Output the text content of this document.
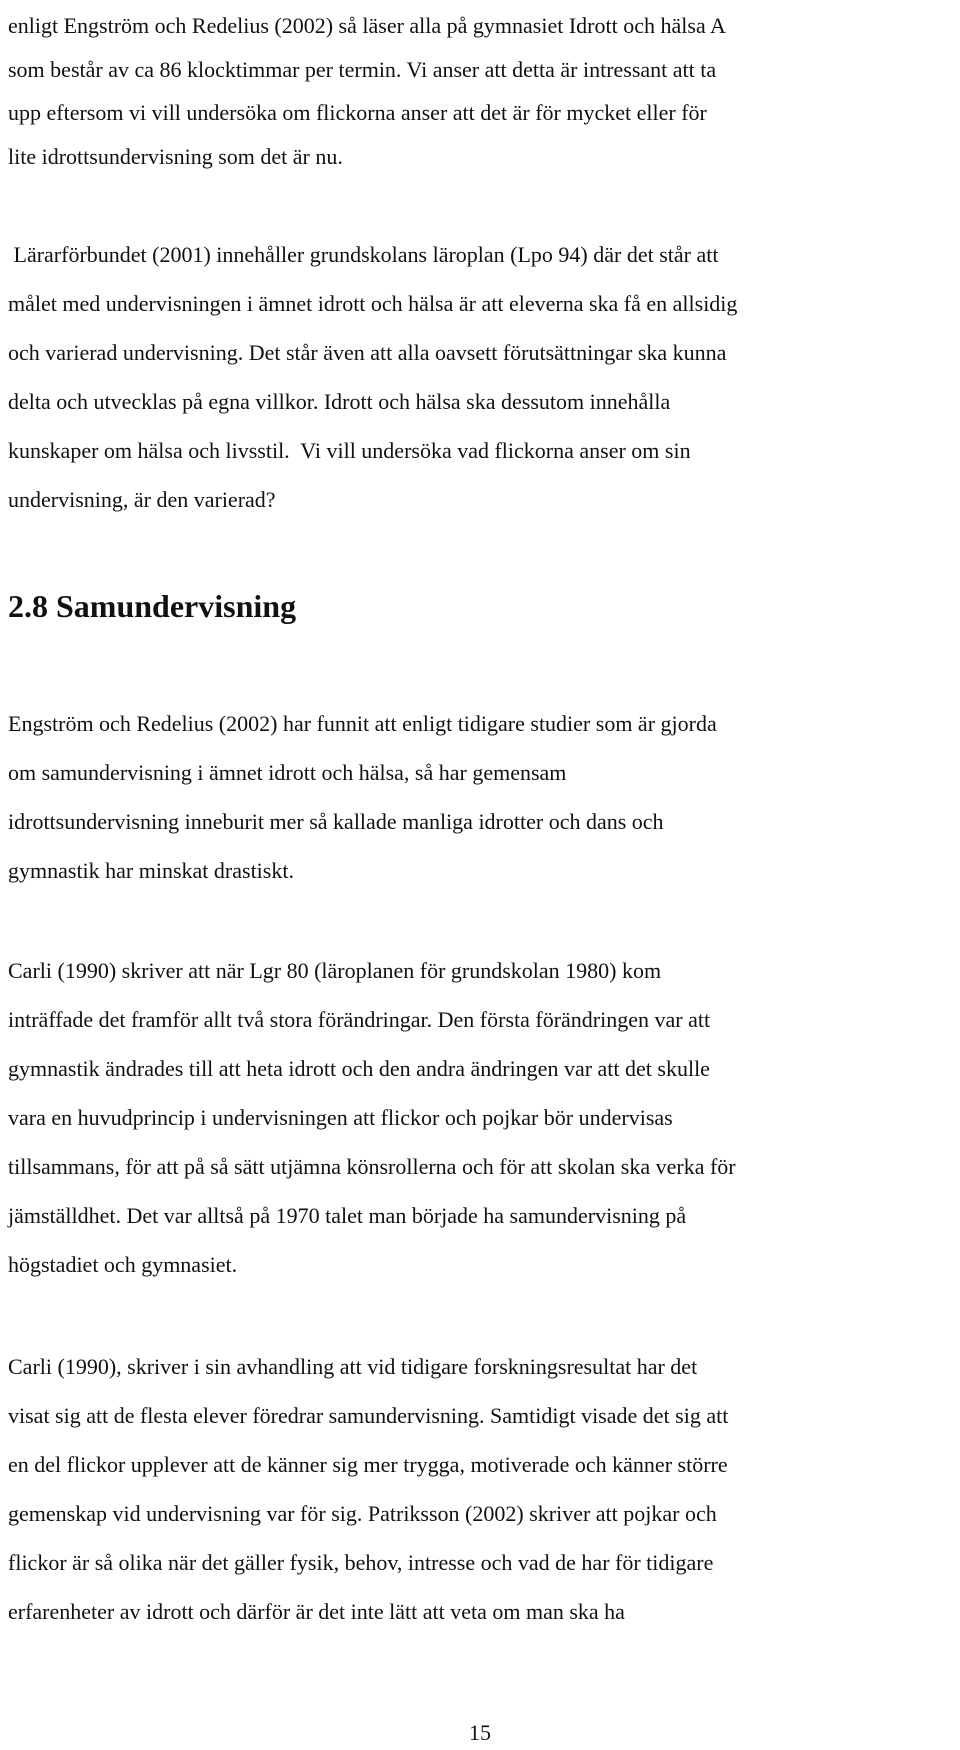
enligt Engström och Redelius (2002) så läser alla på gymnasiet Idrott och hälsa A
som består av ca 86 klocktimmar per termin. Vi anser att detta är intressant att ta
upp eftersom vi vill undersöka om flickorna anser att det är för mycket eller för
lite idrottsundervisning som det är nu.
Lärarförbundet (2001) innehåller grundskolans läroplan (Lpo 94) där det står att
målet med undervisningen i ämnet idrott och hälsa är att eleverna ska få en allsidig
och varierad undervisning. Det står även att alla oavsett förutsättningar ska kunna
delta och utvecklas på egna villkor. Idrott och hälsa ska dessutom innehålla
kunskaper om hälsa och livsstil.  Vi vill undersöka vad flickorna anser om sin
undervisning, är den varierad?
2.8 Samundervisning
Engström och Redelius (2002) har funnit att enligt tidigare studier som är gjorda
om samundervisning i ämnet idrott och hälsa, så har gemensam
idrottsundervisning inneburit mer så kallade manliga idrotter och dans och
gymnastik har minskat drastiskt.
Carli (1990) skriver att när Lgr 80 (läroplanen för grundskolan 1980) kom
inträffade det framför allt två stora förändringar. Den första förändringen var att
gymnastik ändrades till att heta idrott och den andra ändringen var att det skulle
vara en huvudprincip i undervisningen att flickor och pojkar bör undervisas
tillsammans, för att på så sätt utjämna könsrollerna och för att skolan ska verka för
jämställdhet. Det var alltså på 1970 talet man började ha samundervisning på
högstadiet och gymnasiet.
Carli (1990), skriver i sin avhandling att vid tidigare forskningsresultat har det
visat sig att de flesta elever föredrar samundervisning. Samtidigt visade det sig att
en del flickor upplever att de känner sig mer trygga, motiverade och känner större
gemenskap vid undervisning var för sig. Patriksson (2002) skriver att pojkar och
flickor är så olika när det gäller fysik, behov, intresse och vad de har för tidigare
erfarenheter av idrott och därför är det inte lätt att veta om man ska ha
15
